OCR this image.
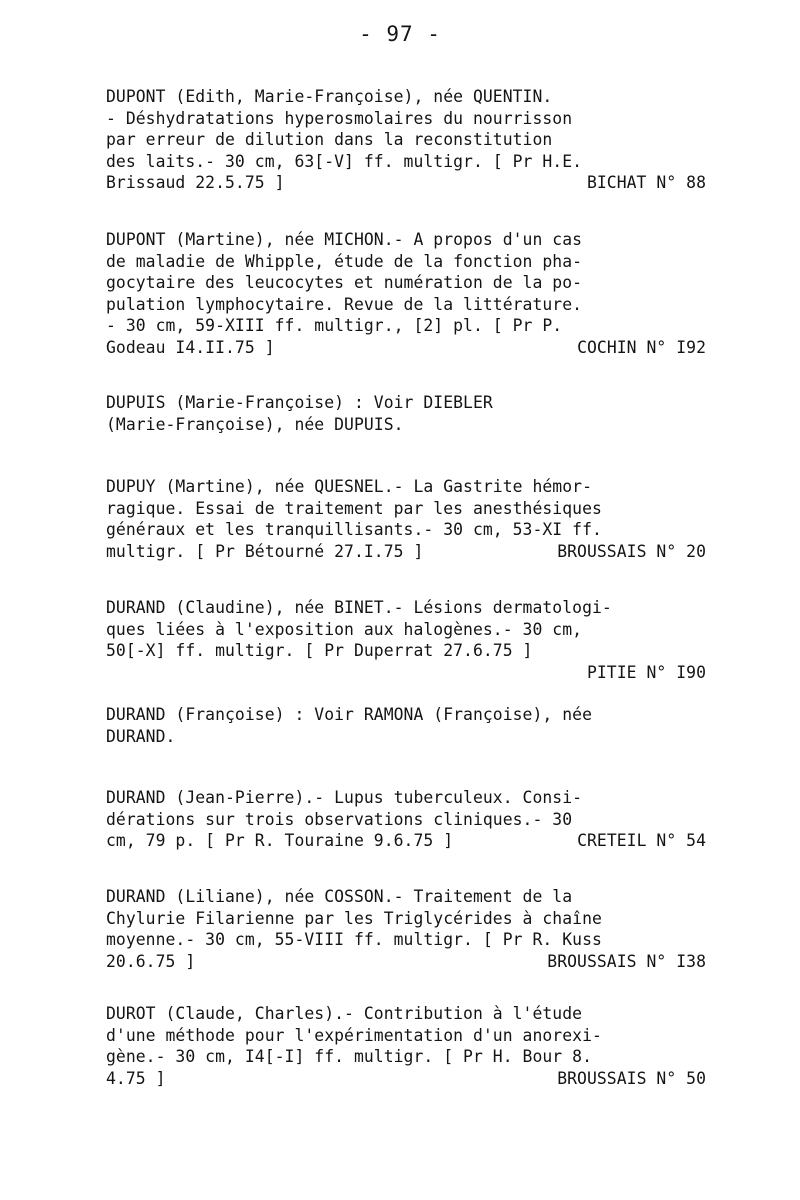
- 97 -
DUPONT (Edith, Marie-Françoise), née QUENTIN.
- Déshydratations hyperosmolaires du nourrisson
par erreur de dilution dans la reconstitution
des laits.- 30 cm, 63[-V] ff. multigr. [ Pr H.E.
Brissaud 22.5.75 ]	BICHAT N° 88
DUPONT (Martine), née MICHON.- A propos d'un cas
de maladie de Whipple, étude de la fonction pha-
gocytaire des leucocytes et numération de la po-
pulation lymphocytaire. Revue de la littérature.
- 30 cm, 59-XIII ff. multigr., [2] pl. [ Pr P.
Godeau I4.II.75 ]	COCHIN N° I92
DUPUIS (Marie-Françoise) : Voir DIEBLER
(Marie-Françoise), née DUPUIS.
DUPUY (Martine), née QUESNEL.- La Gastrite hémor-
ragique. Essai de traitement par les anesthésiques
généraux et les tranquillisants.- 30 cm, 53-XI ff.
multigr. [ Pr Bétourné 27.I.75 ]	BROUSSAIS N° 20
DURAND (Claudine), née BINET.- Lésions dermatologi-
ques liées à l'exposition aux halogènes.- 30 cm,
50[-X] ff. multigr. [ Pr Duperrat 27.6.75 ]
PITIE N° I90
DURAND (Françoise) : Voir RAMONA (Françoise), née
DURAND.
DURAND (Jean-Pierre).- Lupus tuberculeux. Consi-
dérations sur trois observations cliniques.- 30
cm, 79 p. [ Pr R. Touraine 9.6.75 ]	CRETEIL N° 54
DURAND (Liliane), née COSSON.- Traitement de la
Chylurie Filarienne par les Triglycérides à chaîne
moyenne.- 30 cm, 55-VIII ff. multigr. [ Pr R. Kuss
20.6.75 ]	BROUSSAIS N° I38
DUROT (Claude, Charles).- Contribution à l'étude
d'une méthode pour l'expérimentation d'un anorexi-
gène.- 30 cm, I4[-I] ff. multigr. [ Pr H. Bour 8.
4.75 ]	BROUSSAIS N° 50
